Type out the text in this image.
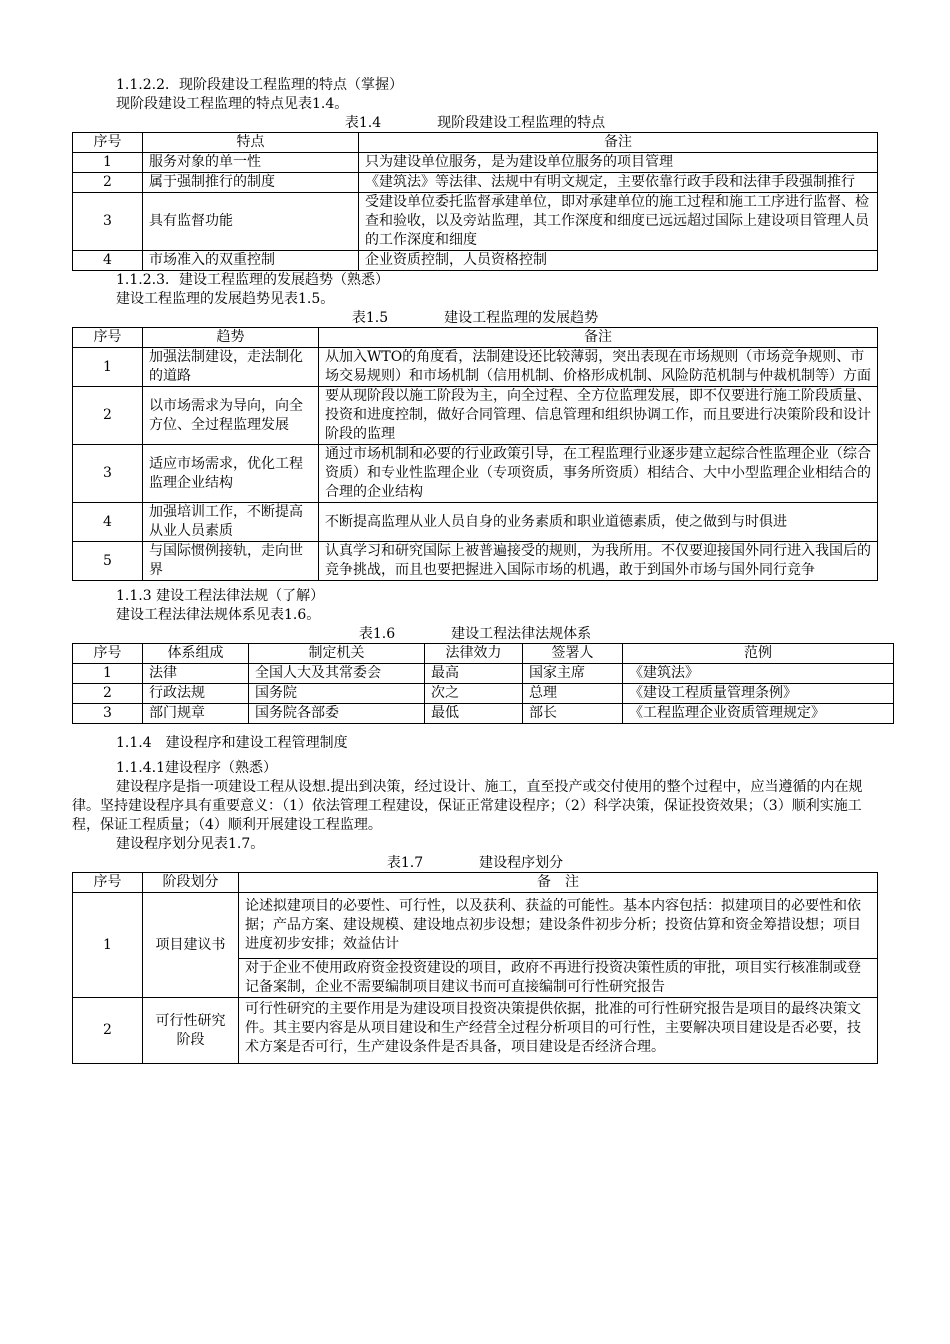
1.1.2.2．现阶段建设工程监理的特点（掌握）
现阶段建设工程监理的特点见表1.4。
表1.4	现阶段建设工程监理的特点
序号	特点	备注
1	服务对象的单一性	只为建设单位服务，是为建设单位服务的项目管理
2	属于强制推行的制度	《建筑法》等法律、法规中有明文规定，主要依靠行政手段和法律手段强制推行
3	具有监督功能	受建设单位委托监督承建单位，即对承建单位的施工过程和施工工序进行监督、检查和验收，以及旁站监理，其工作深度和细度已远远超过国际上建设项目管理人员的工作深度和细度
4	市场准入的双重控制	企业资质控制，人员资格控制
1.1.2.3．建设工程监理的发展趋势（熟悉）
建设工程监理的发展趋势见表1.5。
表1.5	建设工程监理的发展趋势
序号	趋势	备注
1	加强法制建设，走法制化的道路	从加入WTO的角度看，法制建设还比较薄弱，突出表现在市场规则（市场竞争规则、市场交易规则）和市场机制（信用机制、价格形成机制、风险防范机制与仲裁机制等）方面
2	以市场需求为导向，向全方位、全过程监理发展	要从现阶段以施工阶段为主，向全过程、全方位监理发展，即不仅要进行施工阶段质量、投资和进度控制，做好合同管理、信息管理和组织协调工作，而且要进行决策阶段和设计阶段的监理
3	适应市场需求，优化工程监理企业结构	通过市场机制和必要的行业政策引导，在工程监理行业逐步建立起综合性监理企业（综合资质）和专业性监理企业（专项资质，事务所资质）相结合、大中小型监理企业相结合的合理的企业结构
4	加强培训工作，不断提高从业人员素质	不断提高监理从业人员自身的业务素质和职业道德素质，使之做到与时俱进
5	与国际惯例接轨，走向世界	认真学习和研究国际上被普遍接受的规则，为我所用。不仅要迎接国外同行进入我国后的竞争挑战，而且也要把握进入国际市场的机遇，敢于到国外市场与国外同行竞争
1.1.3 建设工程法律法规（了解）
建设工程法律法规体系见表1.6。
表1.6	建设工程法律法规体系
序号	体系组成	制定机关	法律效力	签署人	范例
1	法律	全国人大及其常委会	最高	国家主席	《建筑法》
2	行政法规	国务院	次之	总理	《建设工程质量管理条例》
3	部门规章	国务院各部委	最低	部长	《工程监理企业资质管理规定》
1.1.4　建设程序和建设工程管理制度
1.1.4.1建设程序（熟悉）
建设程序是指一项建设工程从设想.提出到决策，经过设计、施工，直至投产或交付使用的整个过程中，应当遵循的内在规律。坚持建设程序具有重要意义：（1）依法管理工程建设，保证正常建设程序；（2）科学决策，保证投资效果；（3）顺利实施工程，保证工程质量；（4）顺利开展建设工程监理。
建设程序划分见表1.7。
表1.7	建设程序划分
序号	阶段划分	备　注
1	项目建议书	论述拟建项目的必要性、可行性，以及获利、获益的可能性。基本内容包括：拟建项目的必要性和依据；产品方案、建设规模、建设地点初步设想；建设条件初步分析；投资估算和资金筹措设想；项目进度初步安排；效益估计
		对于企业不使用政府资金投资建设的项目，政府不再进行投资决策性质的审批，项目实行核准制或登记备案制，企业不需要编制项目建议书而可直接编制可行性研究报告
2	可行性研究阶段	可行性研究的主要作用是为建设项目投资决策提供依据，批准的可行性研究报告是项目的最终决策文件。其主要内容是从项目建设和生产经营全过程分析项目的可行性，主要解决项目建设是否必要，技术方案是否可行，生产建设条件是否具备，项目建设是否经济合理。
